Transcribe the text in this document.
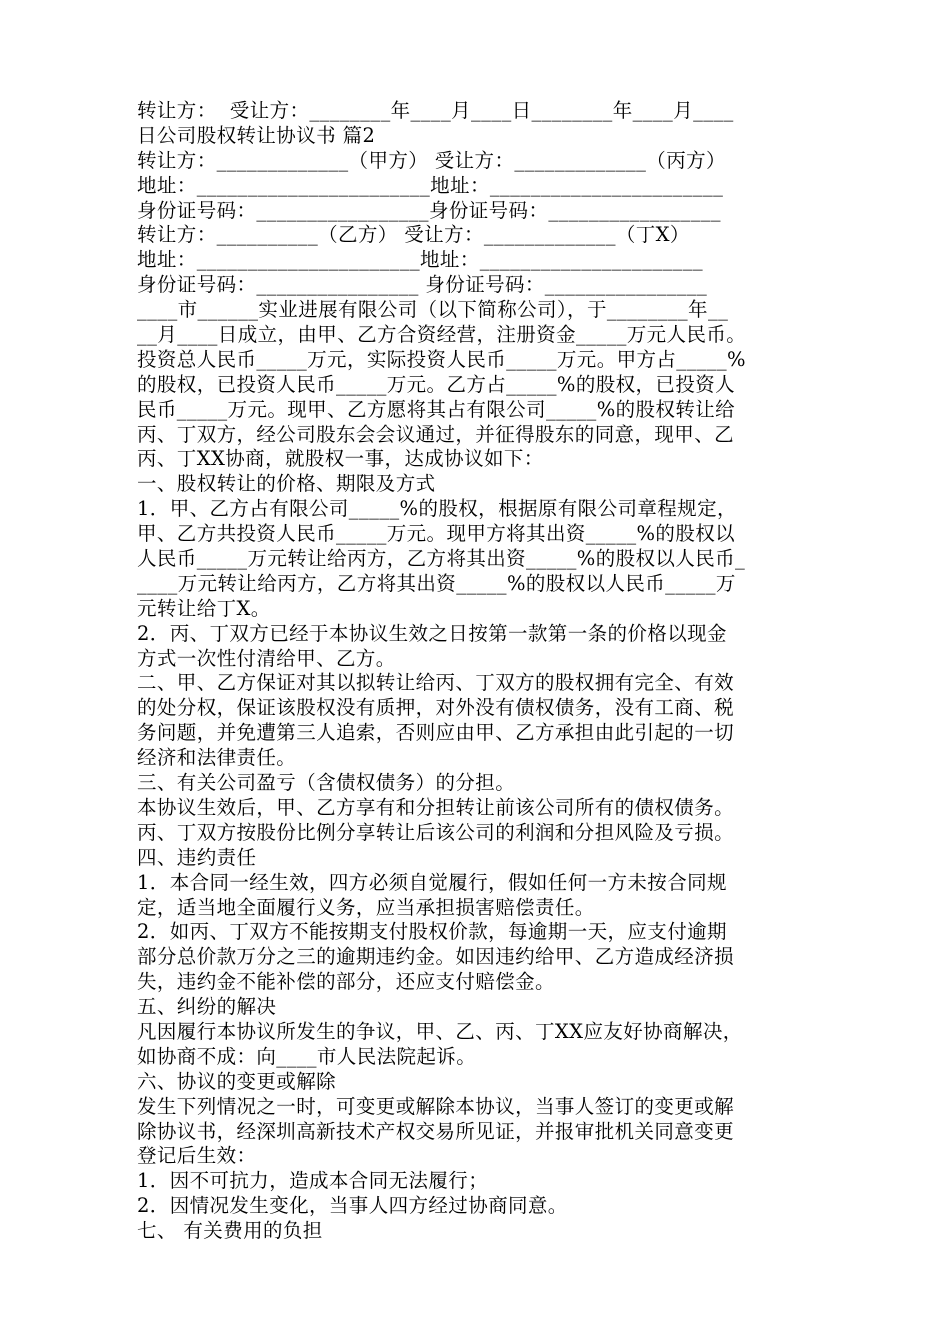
转让方：  受让方：________年____月____日________年____月____
日公司股权转让协议书 篇2
转让方：_____________（甲方） 受让方：_____________（丙方）
地址：_______________________地址：_______________________
身份证号码：_________________身份证号码：_________________
转让方：__________（乙方） 受让方：_____________（丁X）
地址：______________________地址：______________________
身份证号码：________________ 身份证号码：________________
____市______实业进展有限公司（以下简称公司），于________年__
__月____日成立，由甲、乙方合资经营，注册资金_____万元人民币。
投资总人民币_____万元，实际投资人民币_____万元。甲方占_____%
的股权，已投资人民币_____万元。乙方占_____%的股权，已投资人
民币_____万元。现甲、乙方愿将其占有限公司_____%的股权转让给
丙、丁双方，经公司股东会会议通过，并征得股东的同意，现甲、乙
丙、丁XX协商，就股权一事，达成协议如下：
一、股权转让的价格、期限及方式
1．甲、乙方占有限公司_____%的股权，根据原有限公司章程规定，
甲、乙方共投资人民币_____万元。现甲方将其出资_____%的股权以
人民币_____万元转让给丙方，乙方将其出资_____%的股权以人民币_
____万元转让给丙方，乙方将其出资_____%的股权以人民币_____万
元转让给丁X。
2．丙、丁双方已经于本协议生效之日按第一款第一条的价格以现金
方式一次性付清给甲、乙方。
二、甲、乙方保证对其以拟转让给丙、丁双方的股权拥有完全、有效
的处分权，保证该股权没有质押，对外没有债权债务，没有工商、税
务问题，并免遭第三人追索，否则应由甲、乙方承担由此引起的一切
经济和法律责任。
三、有关公司盈亏（含债权债务）的分担。
本协议生效后，甲、乙方享有和分担转让前该公司所有的债权债务。
丙、丁双方按股份比例分享转让后该公司的利润和分担风险及亏损。
四、违约责任
1．本合同一经生效，四方必须自觉履行，假如任何一方未按合同规
定，适当地全面履行义务，应当承担损害赔偿责任。
2．如丙、丁双方不能按期支付股权价款，每逾期一天，应支付逾期
部分总价款万分之三的逾期违约金。如因违约给甲、乙方造成经济损
失，违约金不能补偿的部分，还应支付赔偿金。
五、纠纷的解决
凡因履行本协议所发生的争议，甲、乙、丙、丁XX应友好协商解决，
如协商不成：向____市人民法院起诉。
六、协议的变更或解除
发生下列情况之一时，可变更或解除本协议，当事人签订的变更或解
除协议书，经深圳高新技术产权交易所见证，并报审批机关同意变更
登记后生效：
1．因不可抗力，造成本合同无法履行；
2．因情况发生变化，当事人四方经过协商同意。
七、 有关费用的负担
